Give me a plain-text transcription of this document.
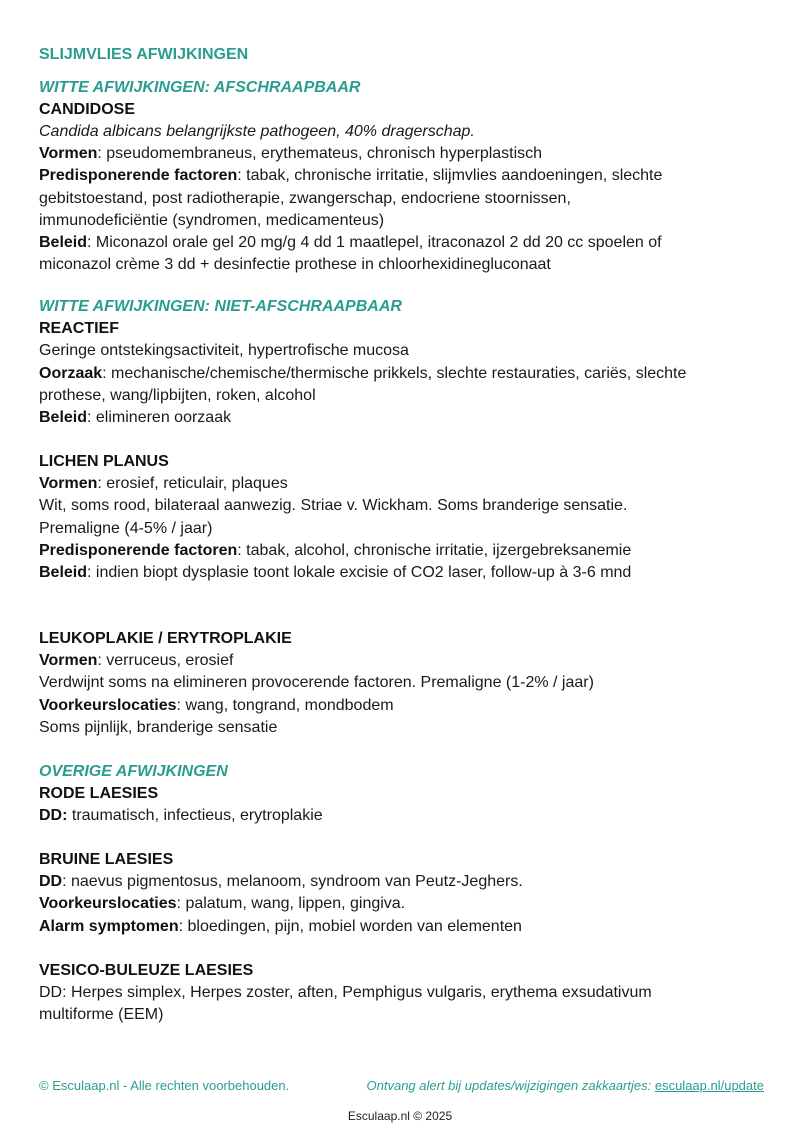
SLIJMVLIES AFWIJKINGEN
WITTE AFWIJKINGEN: AFSCHRAAPBAAR
CANDIDOSE

Candida albicans belangrijkste pathogeen, 40% dragerschap.

Vormen: pseudomembraneus, erythemateus, chronisch hyperplastisch

Predisponerende factoren: tabak, chronische irritatie, slijmvlies aandoeningen, slechte

gebitstoestand, post radiotherapie, zwangerschap, endocriene stoornissen,

immunodeficiëntie (syndromen, medicamenteus)

Beleid: Miconazol orale gel 20 mg/g 4 dd 1 maatlepel, itraconazol 2 dd 20 cc spoelen of

miconazol crème 3 dd + desinfectie prothese in chloorhexidinegluconaat

WITTE AFWIJKINGEN: NIET-AFSCHRAAPBAAR
REACTIEF

Geringe ontstekingsactiviteit, hypertrofische mucosa

Oorzaak: mechanische/chemische/thermische prikkels, slechte restauraties, cariës, slechte

prothese, wang/lipbijten, roken, alcohol

Beleid: elimineren oorzaak

LICHEN PLANUS

Vormen: erosief, reticulair, plaques

Wit, soms rood, bilateraal aanwezig. Striae v. Wickham. Soms branderige sensatie.

Premaligne (4-5% / jaar)

Predisponerende factoren: tabak, alcohol, chronische irritatie, ijzergebreksanemie

Beleid: indien biopt dysplasie toont lokale excisie of CO2 laser, follow-up à 3-6 mnd

LEUKOPLAKIE / ERYTROPLAKIE

Vormen: verruceus, erosief

Verdwijnt soms na elimineren provocerende factoren. Premaligne (1-2% / jaar)

Voorkeurslocaties: wang, tongrand, mondbodem

Soms pijnlijk, branderige sensatie

OVERIGE AFWIJKINGEN
RODE LAESIES

DD: traumatisch, infectieus, erytroplakie

BRUINE LAESIES

DD: naevus pigmentosus, melanoom, syndroom van Peutz-Jeghers.

Voorkeurslocaties: palatum, wang, lippen, gingiva.

Alarm symptomen: bloedingen, pijn, mobiel worden van elementen

VESICO-BULEUZE LAESIES

DD: Herpes simplex, Herpes zoster, aften, Pemphigus vulgaris, erythema exsudativum

multiforme (EEM)

© Esculaap.nl - Alle rechten voorbehouden.	Ontvang alert bij updates/wijzigingen zakkaartjes: esculaap.nl/update
Esculaap.nl © 2025
